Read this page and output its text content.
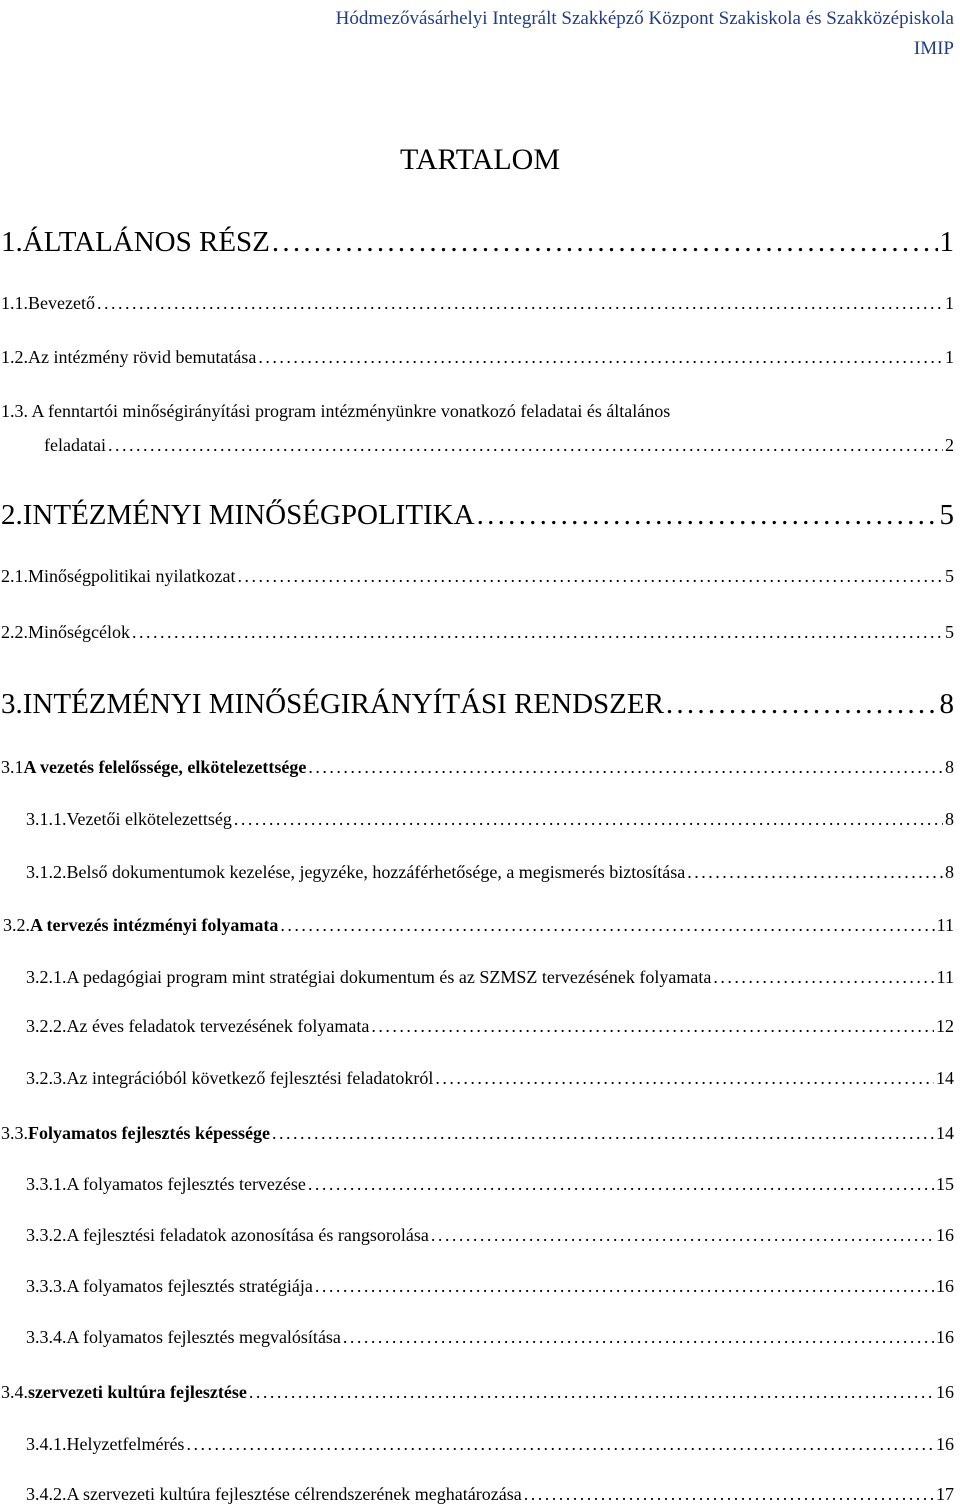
Hódmezővásárhelyi Integrált Szakképző Központ Szakiskola és Szakközépiskola
IMIP
TARTALOM
1. ÁLTALÁNOS RÉSZ . . .	1
1.1. Bevezető . . .	1
1.2. Az intézmény rövid bemutatása . . .	1
1.3. A fenntartói minőségirányítási program intézményünkre vonatkozó feladatai és általános
feladatai . . .	2
2. INTÉZMÉNYI MINŐSÉGPOLITIKA . . .	5
2.1. Minőségpolitikai nyilatkozat . . .	5
2.2. Minőségcélok . . .	5
3. INTÉZMÉNYI MINŐSÉGIRÁNYÍTÁSI RENDSZER . . .	8
3.1 A vezetés felelőssége, elkötelezettsége . . .	8
3.1.1. Vezetői elkötelezettség . . .	8
3.1.2. Belső dokumentumok kezelése, jegyzéke, hozzáférhetősége, a megismerés biztosítása . . .	8
3.2. A tervezés intézményi folyamata . . .	11
3.2.1. A pedagógiai program mint stratégiai dokumentum és az SZMSZ tervezésének folyamata . . .	11
3.2.2. Az éves feladatok tervezésének folyamata . . .	12
3.2.3. Az integrációból következő fejlesztési feladatokról . . .	14
3.3. Folyamatos fejlesztés képessége . . .	14
3.3.1. A folyamatos fejlesztés tervezése . . .	15
3.3.2. A fejlesztési feladatok azonosítása és rangsorolása . . .	16
3.3.3. A folyamatos fejlesztés stratégiája . . .	16
3.3.4. A folyamatos fejlesztés megvalósítása . . .	16
3.4. szervezeti kultúra fejlesztése . . .	16
3.4.1. Helyzetfelmérés . . .	16
3.4.2. A szervezeti kultúra fejlesztése célrendszerének meghatározása . . .	17
